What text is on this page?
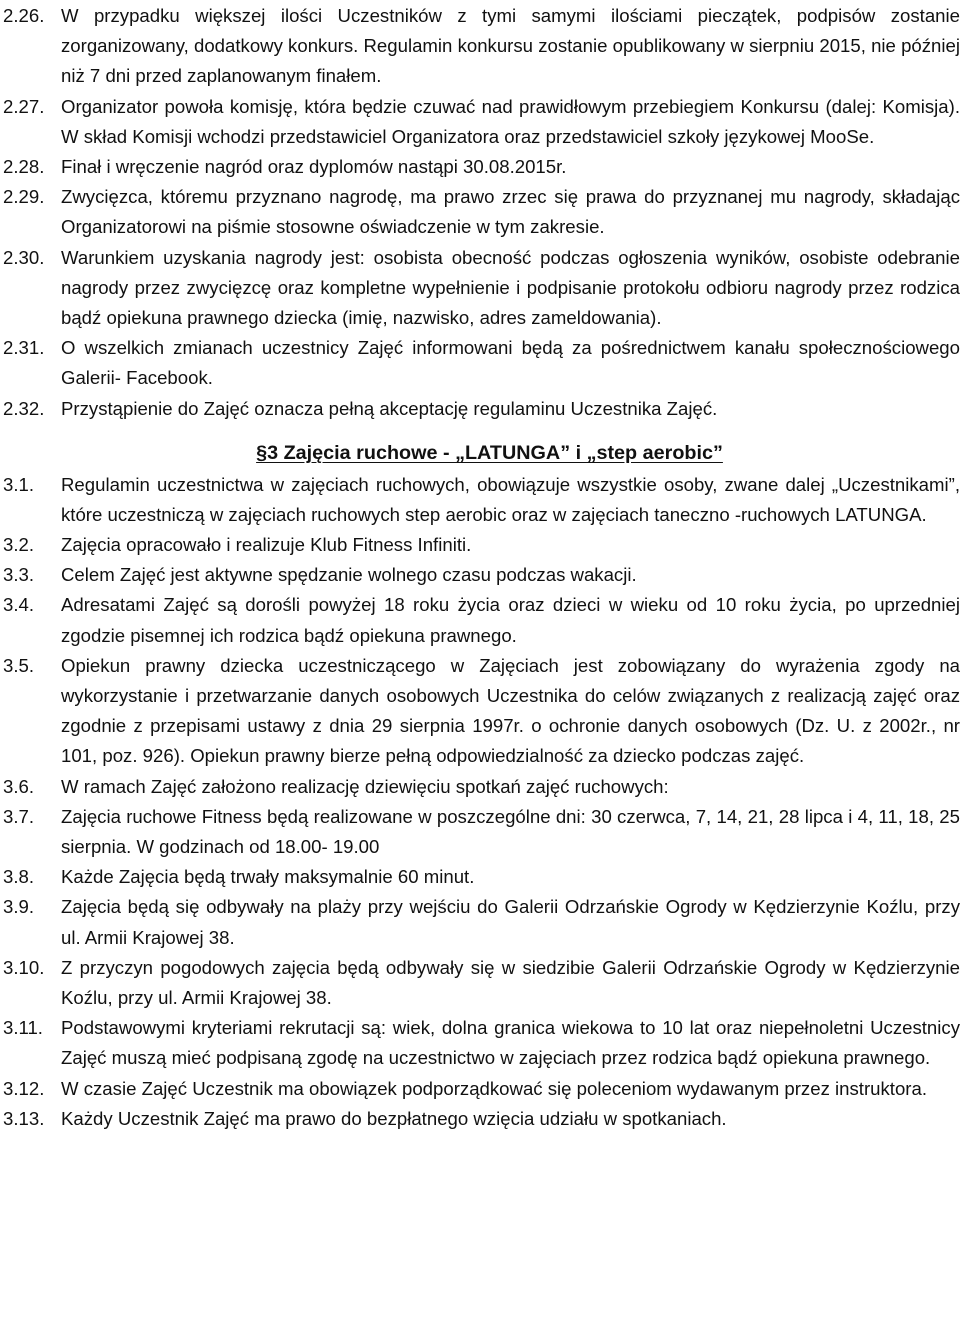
2.26. W przypadku większej ilości Uczestników z tymi samymi ilościami pieczątek, podpisów zostanie zorganizowany, dodatkowy konkurs. Regulamin konkursu zostanie opublikowany w sierpniu 2015, nie później niż 7 dni przed zaplanowanym finałem.
2.27. Organizator powoła komisję, która będzie czuwać nad prawidłowym przebiegiem Konkursu (dalej: Komisja). W skład Komisji wchodzi przedstawiciel Organizatora oraz przedstawiciel szkoły językowej MooSe.
2.28. Finał i wręczenie nagród oraz dyplomów nastąpi 30.08.2015r.
2.29. Zwycięzca, któremu przyznano nagrodę, ma prawo zrzec się prawa do przyznanej mu nagrody, składając Organizatorowi na piśmie stosowne oświadczenie w tym zakresie.
2.30. Warunkiem uzyskania nagrody jest: osobista obecność podczas ogłoszenia wyników, osobiste odebranie nagrody przez zwycięzcę oraz kompletne wypełnienie i podpisanie protokołu odbioru nagrody przez rodzica bądź opiekuna prawnego dziecka (imię, nazwisko, adres zameldowania).
2.31. O wszelkich zmianach uczestnicy Zajęć informowani będą za pośrednictwem kanału społecznościowego Galerii- Facebook.
2.32. Przystąpienie do Zajęć oznacza pełną akceptację regulaminu Uczestnika Zajęć.
§3 Zajęcia ruchowe - „LATUNGA” i „step aerobic”
3.1.	Regulamin uczestnictwa w zajęciach ruchowych, obowiązuje wszystkie osoby, zwane dalej „Uczestnikami”, które uczestniczą w zajęciach ruchowych step aerobic oraz w zajęciach taneczno -ruchowych LATUNGA.
3.2.	Zajęcia opracowało i realizuje Klub Fitness Infiniti.
3.3.	Celem Zajęć jest aktywne spędzanie wolnego czasu podczas wakacji.
3.4.	Adresatami Zajęć są dorośli powyżej 18 roku życia oraz dzieci w wieku od 10 roku życia, po uprzedniej zgodzie pisemnej ich rodzica bądź opiekuna prawnego.
3.5.	Opiekun prawny dziecka uczestniczącego w Zajęciach jest zobowiązany do wyrażenia zgody na wykorzystanie i przetwarzanie danych osobowych Uczestnika do celów związanych z realizacją zajęć oraz zgodnie z przepisami ustawy z dnia 29 sierpnia 1997r. o ochronie danych osobowych (Dz. U. z 2002r., nr 101, poz. 926). Opiekun prawny bierze pełną odpowiedzialność za dziecko podczas zajęć.
3.6.	W ramach Zajęć założono realizację dziewięciu spotkań zajęć ruchowych:
3.7.	Zajęcia ruchowe Fitness będą realizowane w poszczególne dni: 30 czerwca, 7, 14, 21, 28 lipca i 4, 11, 18, 25 sierpnia. W godzinach od 18.00- 19.00
3.8.	Każde Zajęcia będą trwały maksymalnie 60 minut.
3.9.	Zajęcia będą się odbywały na plaży przy wejściu do Galerii Odrzańskie Ogrody w Kędzierzynie Koźlu, przy ul. Armii Krajowej 38.
3.10. Z przyczyn pogodowych zajęcia będą odbywały się w siedzibie Galerii Odrzańskie Ogrody w Kędzierzynie Koźlu, przy ul. Armii Krajowej 38.
3.11. Podstawowymi kryteriami rekrutacji są: wiek, dolna granica wiekowa to 10 lat oraz niepełnoletni Uczestnicy Zajęć muszą mieć podpisaną zgodę na uczestnictwo w zajęciach przez rodzica bądź opiekuna prawnego.
3.12. W czasie Zajęć Uczestnik ma obowiązek podporządkować się poleceniom wydawanym przez instruktora.
3.13. Każdy Uczestnik Zajęć ma prawo do bezpłatnego wzięcia udziału w spotkaniach.
